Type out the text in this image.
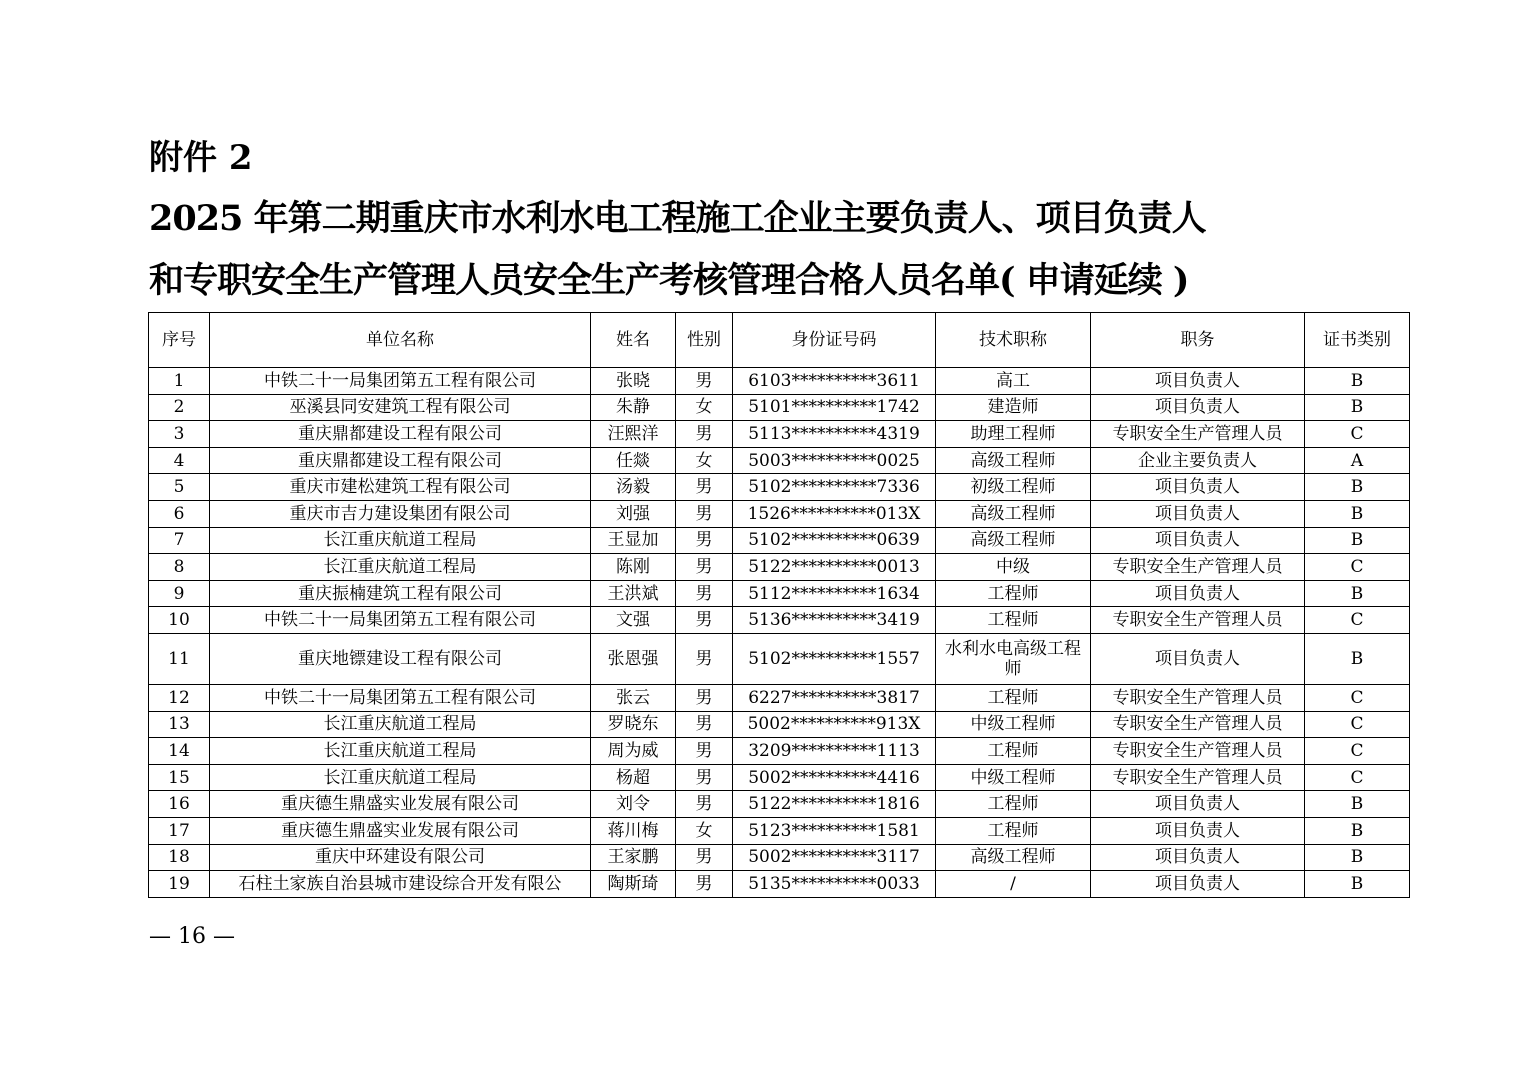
附件 2
2025 年第二期重庆市水利水电工程施工企业主要负责人、项目负责人
和专职安全生产管理人员安全生产考核管理合格人员名单( 申请延续 )
序号	单位名称	姓名	性别	身份证号码	技术职称	职务	证书类别
1	中铁二十一局集团第五工程有限公司	张晓	男	6103**********3611	高工	项目负责人	B
2	巫溪县同安建筑工程有限公司	朱静	女	5101**********1742	建造师	项目负责人	B
3	重庆鼎都建设工程有限公司	汪熙洋	男	5113**********4319	助理工程师	专职安全生产管理人员	C
4	重庆鼎都建设工程有限公司	任燚	女	5003**********0025	高级工程师	企业主要负责人	A
5	重庆市建松建筑工程有限公司	汤毅	男	5102**********7336	初级工程师	项目负责人	B
6	重庆市吉力建设集团有限公司	刘强	男	1526**********013X	高级工程师	项目负责人	B
7	长江重庆航道工程局	王显加	男	5102**********0639	高级工程师	项目负责人	B
8	长江重庆航道工程局	陈刚	男	5122**********0013	中级	专职安全生产管理人员	C
9	重庆振楠建筑工程有限公司	王洪斌	男	5112**********1634	工程师	项目负责人	B
10	中铁二十一局集团第五工程有限公司	文强	男	5136**********3419	工程师	专职安全生产管理人员	C
11	重庆地镖建设工程有限公司	张恩强	男	5102**********1557	水利水电高级工程师	项目负责人	B
12	中铁二十一局集团第五工程有限公司	张云	男	6227**********3817	工程师	专职安全生产管理人员	C
13	长江重庆航道工程局	罗晓东	男	5002**********913X	中级工程师	专职安全生产管理人员	C
14	长江重庆航道工程局	周为威	男	3209**********1113	工程师	专职安全生产管理人员	C
15	长江重庆航道工程局	杨超	男	5002**********4416	中级工程师	专职安全生产管理人员	C
16	重庆德生鼎盛实业发展有限公司	刘令	男	5122**********1816	工程师	项目负责人	B
17	重庆德生鼎盛实业发展有限公司	蒋川梅	女	5123**********1581	工程师	项目负责人	B
18	重庆中环建设有限公司	王家鹏	男	5002**********3117	高级工程师	项目负责人	B
19	石柱土家族自治县城市建设综合开发有限公	陶斯琦	男	5135**********0033	/	项目负责人	B
— 16 —
